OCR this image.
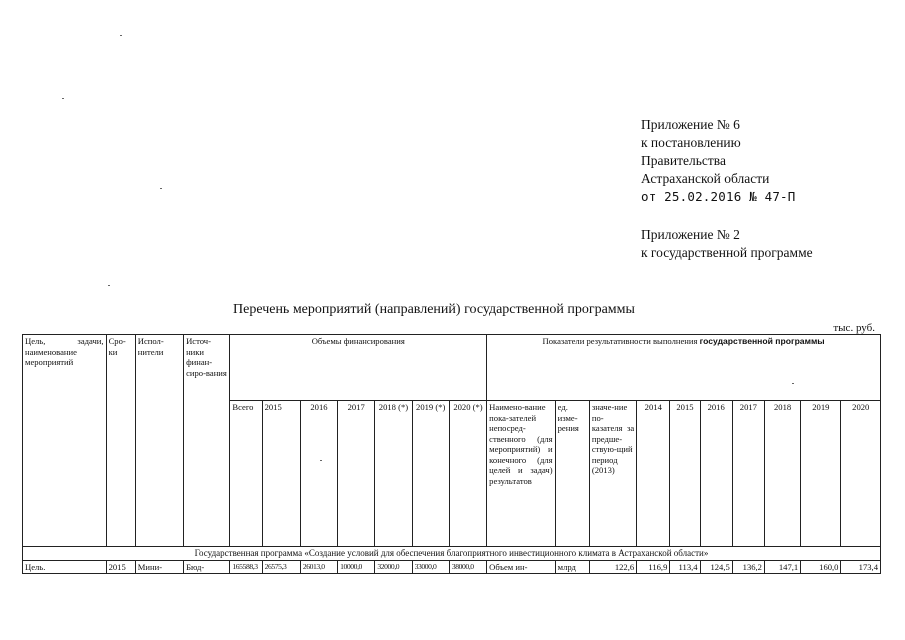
Приложение № 6
к постановлению
Правительства
Астраханской области
от 25.02.2016 № 47-П
Приложение № 2
к государственной программе
Перечень мероприятий (направлений) государственной программы
тыс. руб.
Цель, задачи, наименование мероприятий	Сро-ки	Испол-нители	Источ-ники финан-сиро-вания	Объемы финансирования							Показатели результативности выполнения государственной программы									
				Всего	2015	2016	2017	2018 (*)	2019 (*)	2020 (*)	Наимено-вание пока-зателей непосред-ственного (для мероприятий) и конечного (для целей и задач) результатов	ед. изме-рения	значе-ние по-казателя за предше-ствую-щий период (2013)	2014	2015	2016	2017	2018	2019	2020
Государственная программа «Создание условий для обеспечения благоприятного инвестиционного климата в Астраханской области»																				
Цель.	2015	Мини-	Бюд-	165588,3	26575,3	26013,0	10000,0	32000,0	33000,0	38000,0	Объем ин-	млрд	122,6	116,9	113,4	124,5	136,2	147,1	160,0	173,4
